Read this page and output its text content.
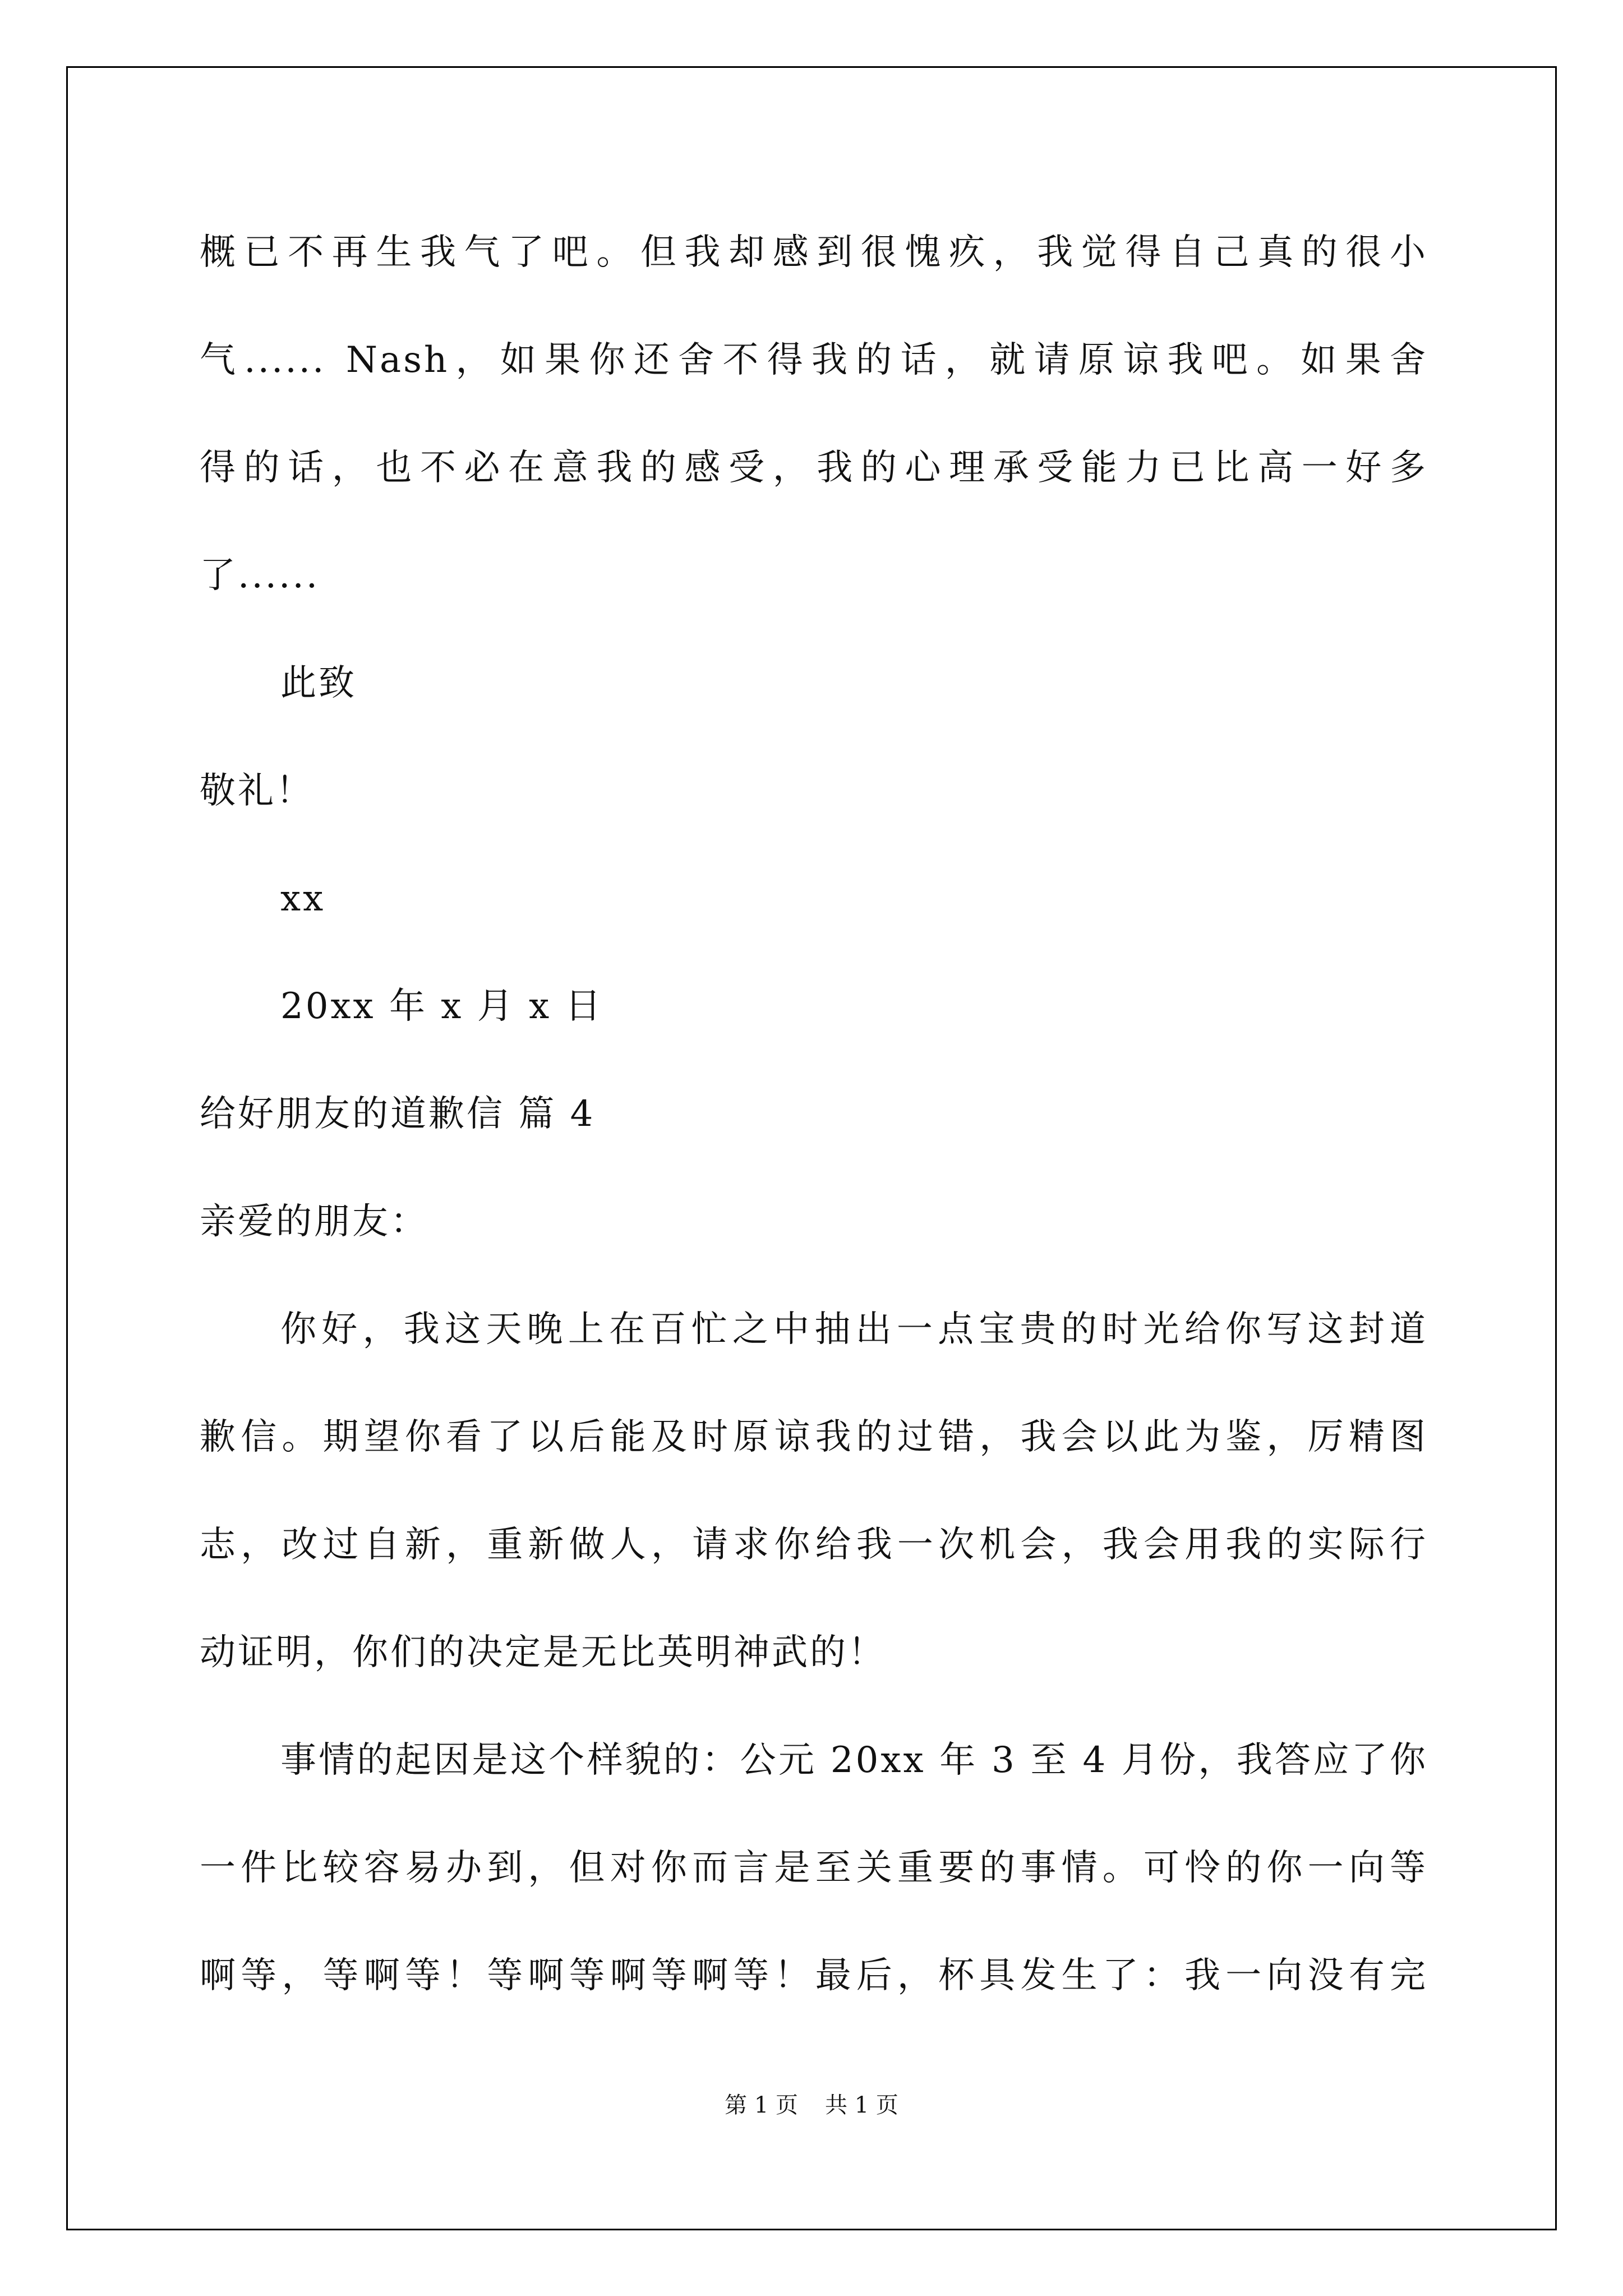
概已不再生我气了吧。但我却感到很愧疚，我觉得自己真的很小
气...... Nash，如果你还舍不得我的话，就请原谅我吧。如果舍
得的话，也不必在意我的感受，我的心理承受能力已比高一好多
了......
此致
敬礼！
xx
20xx 年 x 月 x 日
给好朋友的道歉信 篇 4
亲爱的朋友：
你好，我这天晚上在百忙之中抽出一点宝贵的时光给你写这封道
歉信。期望你看了以后能及时原谅我的过错，我会以此为鉴，厉精图
志，改过自新，重新做人，请求你给我一次机会，我会用我的实际行
动证明，你们的决定是无比英明神武的！
事情的起因是这个样貌的：公元 20xx 年 3 至 4 月份，我答应了你
一件比较容易办到，但对你而言是至关重要的事情。可怜的你一向等
啊等，等啊等！等啊等啊等啊等！最后，杯具发生了：我一向没有完
第 1 页 共 1 页
